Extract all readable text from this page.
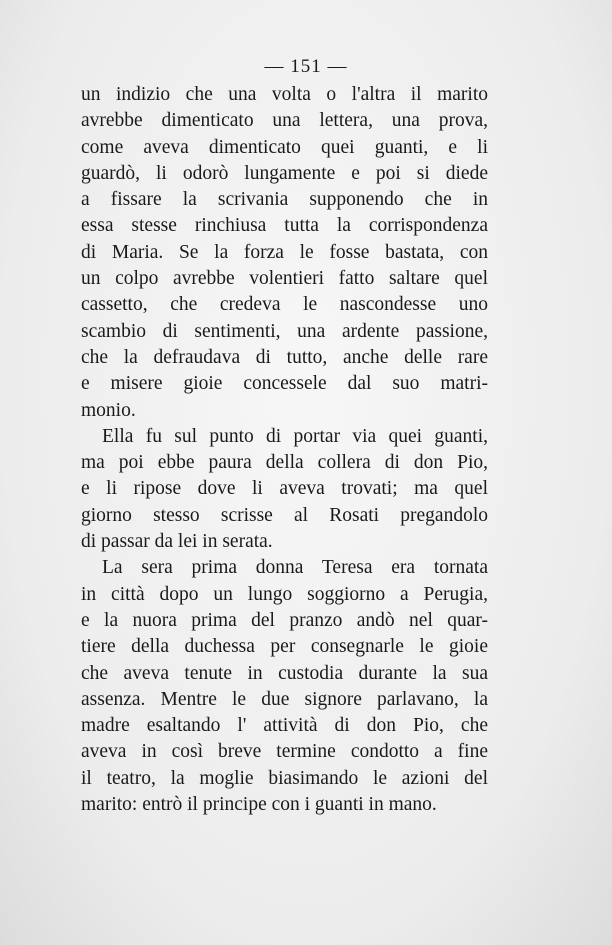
— 151 —
un indizio che una volta o l'altra il marito
avrebbe dimenticato una lettera, una prova,
come aveva dimenticato quei guanti, e li
guardò, li odorò lungamente e poi si diede
a fissare la scrivania supponendo che in
essa stesse rinchiusa tutta la corrispondenza
di Maria. Se la forza le fosse bastata, con
un colpo avrebbe volentieri fatto saltare quel
cassetto, che credeva le nascondesse uno
scambio di sentimenti, una ardente passione,
che la defraudava di tutto, anche delle rare
e misere gioie concessele dal suo matri-
monio.
Ella fu sul punto di portar via quei guanti,
ma poi ebbe paura della collera di don Pio,
e li ripose dove li aveva trovati; ma quel
giorno stesso scrisse al Rosati pregandolo
di passar da lei in serata.
La sera prima donna Teresa era tornata
in città dopo un lungo soggiorno a Perugia,
e la nuora prima del pranzo andò nel quar-
tiere della duchessa per consegnarle le gioie
che aveva tenute in custodia durante la sua
assenza. Mentre le due signore parlavano, la
madre esaltando l' attività di don Pio, che
aveva in così breve termine condotto a fine
il teatro, la moglie biasimando le azioni del
marito: entrò il principe con i guanti in mano.
